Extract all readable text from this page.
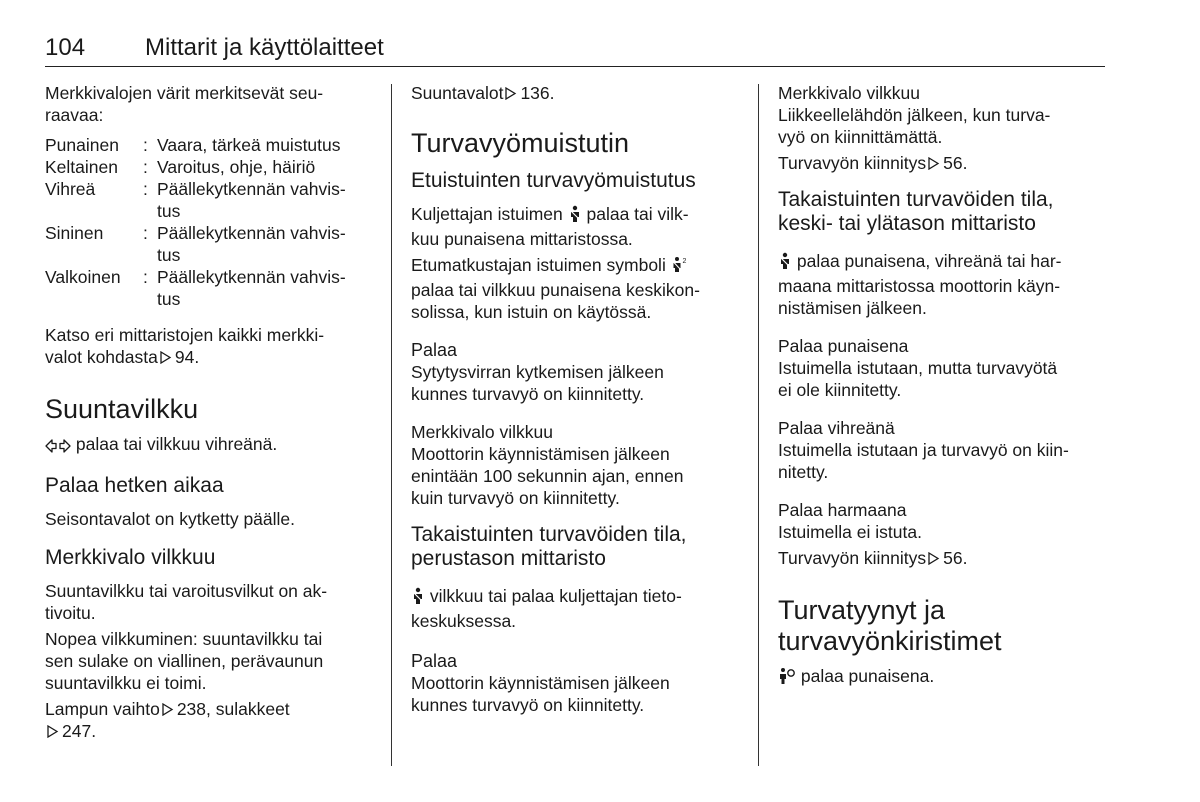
104 Mittarit ja käyttölaitteet

Merkkivalojen värit merkitsevät seu-
raavaa:

Punainen	:	Vaara, tärkeä muistutus
Keltainen	:	Varoitus, ohje, häiriö
Vihreä	:	Päällekytkennän vahvis-
tus
Sininen	:	Päällekytkennän vahvis-
tus
Valkoinen	:	Päällekytkennän vahvis-
tus

Katso eri mittaristojen kaikki merkki-
valot kohdasta 94.

Suuntavilkku

palaa tai vilkkuu vihreänä.

Palaa hetken aikaa

Seisontavalot on kytketty päälle.

Merkkivalo vilkkuu

Suuntavilkku tai varoitusvilkut on ak-
tivoitu.

Nopea vilkkuminen: suuntavilkku tai
sen sulake on viallinen, perävaunun
suuntavilkku ei toimi.

Lampun vaihto 238, sulakkeet

247.

Suuntavalot 136.

Turvavyömuistutin

Etuistuinten turvavyömuistutus

Kuljettajan istuimen palaa tai vilk-
kuu punaisena mittaristossa.

Etumatkustajan istuimen symboli 2

palaa tai vilkkuu punaisena keskikon-
solissa, kun istuin on käytössä.

Palaa

Sytytysvirran kytkemisen jälkeen
kunnes turvavyö on kiinnitetty.

Merkkivalo vilkkuu

Moottorin käynnistämisen jälkeen
enintään 100 sekunnin ajan, ennen
kuin turvavyö on kiinnitetty.

Takaistuinten turvavöiden tila,
perustason mittaristo

vilkkuu tai palaa kuljettajan tieto-
keskuksessa.

Palaa

Moottorin käynnistämisen jälkeen
kunnes turvavyö on kiinnitetty.

Merkkivalo vilkkuu

Liikkeellelähdön jälkeen, kun turva-
vyö on kiinnittämättä.

Turvavyön kiinnitys 56.

Takaistuinten turvavöiden tila,
keski- tai ylätason mittaristo

palaa punaisena, vihreänä tai har-
maana mittaristossa moottorin käyn-
nistämisen jälkeen.

Palaa punaisena

Istuimella istutaan, mutta turvavyötä
ei ole kiinnitetty.

Palaa vihreänä

Istuimella istutaan ja turvavyö on kiin-
nitetty.

Palaa harmaana

Istuimella ei istuta.

Turvavyön kiinnitys 56.

Turvatyynyt ja
turvavyönkiristimet

palaa punaisena.
